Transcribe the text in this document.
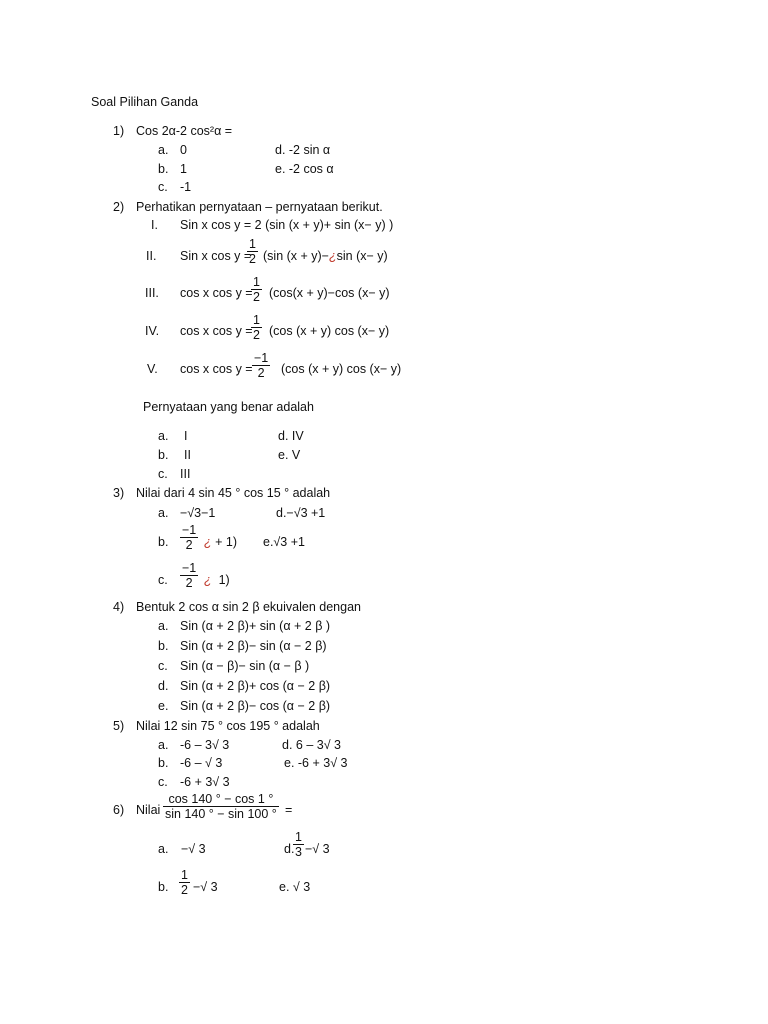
Soal Pilihan Ganda
1) Cos 2α-2 cos²α =
a. 0	d. -2 sin α
b. 1	e. -2 cos α
c. -1
2) Perhatikan pernyataan – pernyataan berikut.
I. Sin x cos y = 2 (sin (x + y)+ sin (x− y) )
II. Sin x cos y =
$\frac{1}{2} (\sin$ (x + y)−¿sin (x− y)
III. cos x cos y =
$\frac{1}{2} (\cos(x + y)-\cos$ (x− y)
IV. cos x cos y =
$\frac{1}{2} (\cos$ (x + y) cos (x− y)
V. cos x $\cos y = \frac{-1}{2} (\cos$ (x + y) cos (x− y)
Pernyataan yang benar adalah
a. I	d. IV
b. II	e. V
c. III
3) Nilai dari 4 sin 45 ° cos 15 ° adalah
a. −√3−1	d.−√3 +1
b. $\frac{-1}{2}$ ¿ + 1) e.√3 +1
c. $\frac{-1}{2}$ ¿ 1)
4) Bentuk 2 cos α sin 2 β ekuivalen dengan
a. Sin (α + 2 β)+ sin (α + 2 β )
b. Sin (α + 2 β)− sin (α − 2 β)
c. Sin (α − β)− sin (α − β )
d. Sin (α + 2 β)+ cos (α − 2 β)
e. Sin (α + 2 β)− cos (α − 2 β)
5) Nilai 12 sin 75 ° cos 195 ° adalah
a. -6 – 3√ 3	d. 6 – 3√ 3
b. -6 – √ 3	e. -6 + 3√ 3
c. -6 + 3√ 3
6) Nilai $\frac{\cos 140 ^\circ - \cos 1 ^\circ}{\sin 140 ^\circ - \sin 100 ^\circ}$ =
a. −√ 3	d.
$\frac{1}{3}$ −√ 3
b. $\frac{1}{2}$ −√ 3	e. √ 3
